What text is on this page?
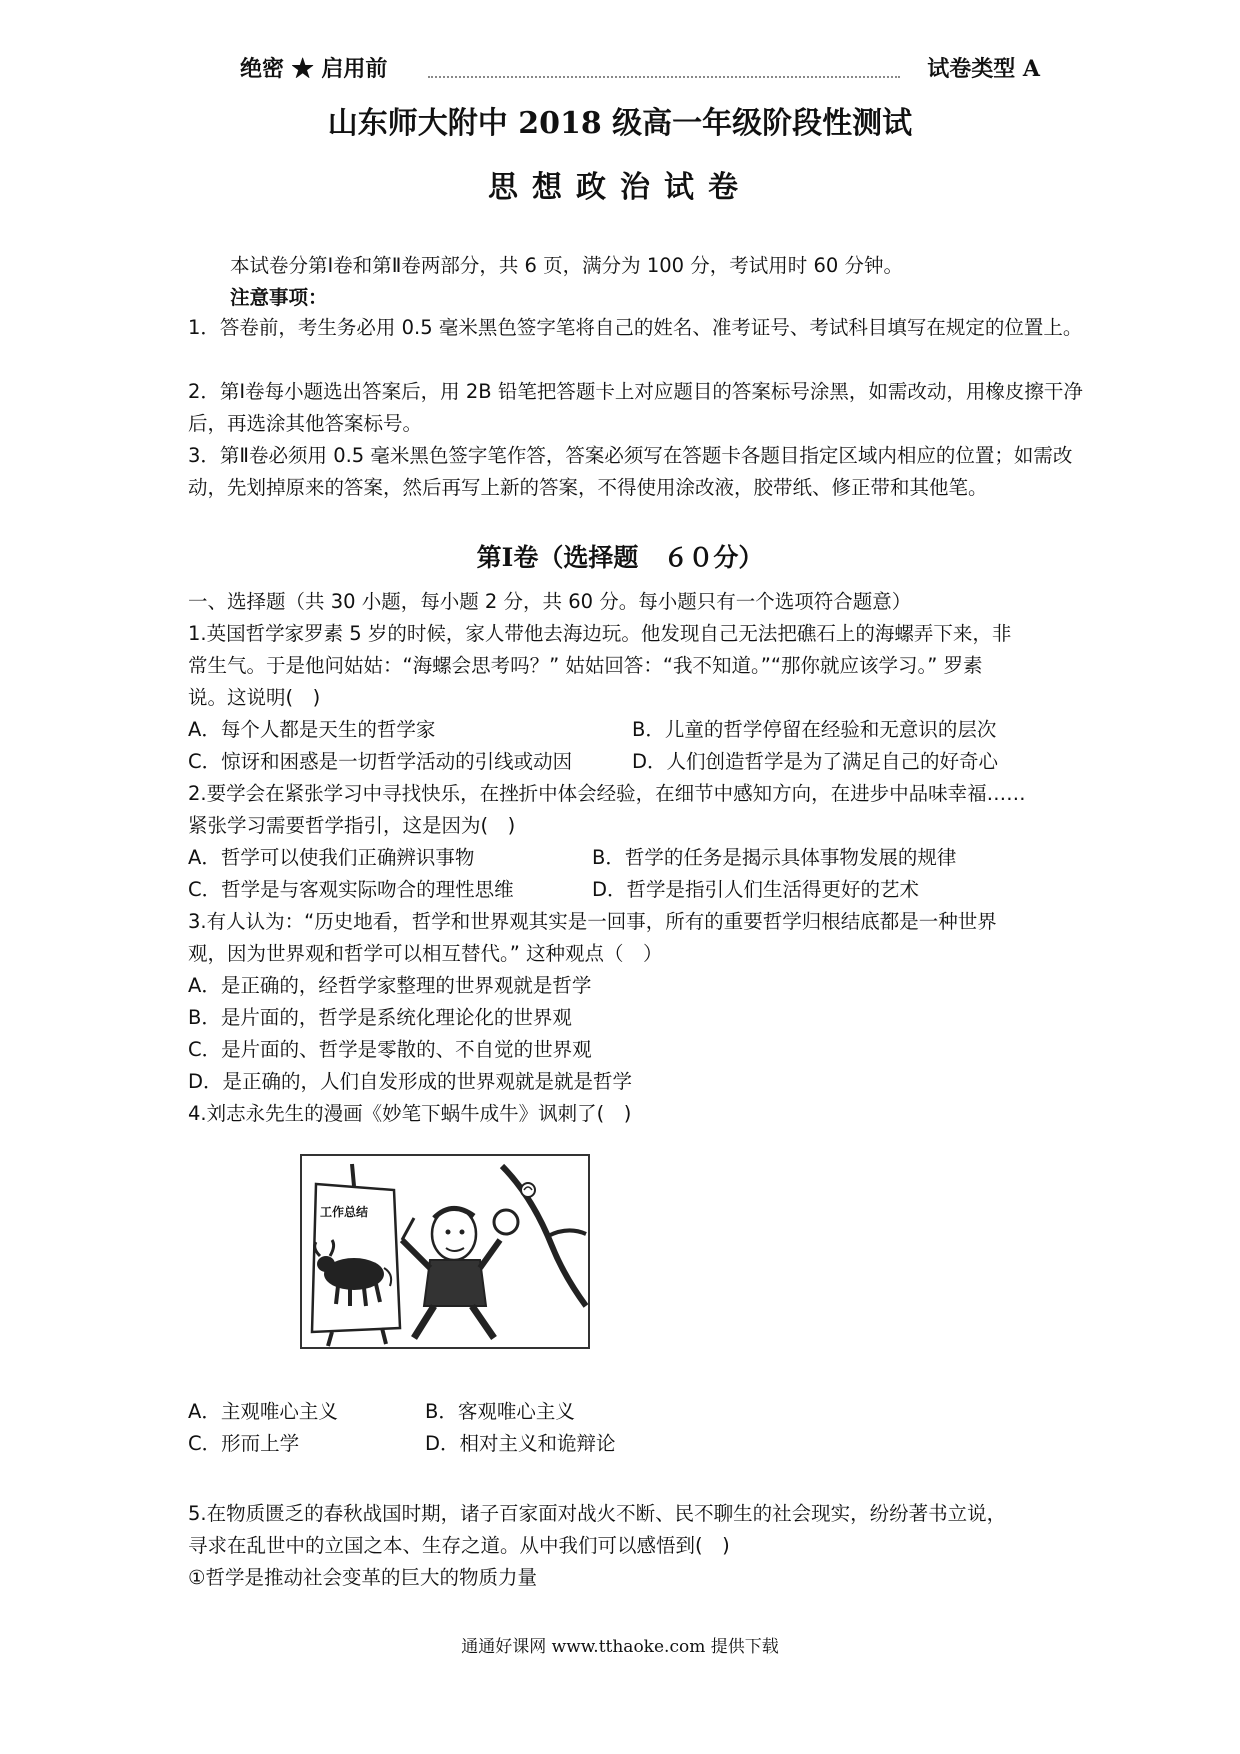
绝密 ★ 启用前	试卷类型 A
山东师大附中 2018 级高一年级阶段性测试
思想政治试卷
本试卷分第Ⅰ卷和第Ⅱ卷两部分，共 6 页，满分为 100 分，考试用时 60 分钟。
注意事项：
1．答卷前，考生务必用 0.5 毫米黑色签字笔将自己的姓名、准考证号、考试科目填写在规定的位置上。
2．第Ⅰ卷每小题选出答案后，用 2B 铅笔把答题卡上对应题目的答案标号涂黑，如需改动，用橡皮擦干净后，再选涂其他答案标号。
3．第Ⅱ卷必须用 0.5 毫米黑色签字笔作答，答案必须写在答题卡各题目指定区域内相应的位置；如需改动，先划掉原来的答案，然后再写上新的答案，不得使用涂改液，胶带纸、修正带和其他笔。
第Ⅰ卷（选择题　６０分）
一、选择题（共 30 小题，每小题 2 分，共 60 分。每小题只有一个选项符合题意）
1.英国哲学家罗素 5 岁的时候，家人带他去海边玩。他发现自己无法把礁石上的海螺弄下来，非
常生气。于是他问姑姑：“海螺会思考吗？” 姑姑回答：“我不知道。”“那你就应该学习。” 罗素
说。这说明(　)
A．每个人都是天生的哲学家	B．儿童的哲学停留在经验和无意识的层次
C．惊讶和困惑是一切哲学活动的引线或动因	D．人们创造哲学是为了满足自己的好奇心
2.要学会在紧张学习中寻找快乐，在挫折中体会经验，在细节中感知方向，在进步中品味幸福……
紧张学习需要哲学指引，这是因为(　)
A．哲学可以使我们正确辨识事物	B．哲学的任务是揭示具体事物发展的规律
C．哲学是与客观实际吻合的理性思维	D．哲学是指引人们生活得更好的艺术
3.有人认为：“历史地看，哲学和世界观其实是一回事，所有的重要哲学归根结底都是一种世界
观，因为世界观和哲学可以相互替代。” 这种观点（　）
A．是正确的，经哲学家整理的世界观就是哲学
B．是片面的，哲学是系统化理论化的世界观
C．是片面的、哲学是零散的、不自觉的世界观
D．是正确的，人们自发形成的世界观就是就是哲学
4.刘志永先生的漫画《妙笔下蜗牛成牛》讽刺了(　)
工作总结
A．主观唯心主义	B．客观唯心主义
C．形而上学	D．相对主义和诡辩论
5.在物质匮乏的春秋战国时期，诸子百家面对战火不断、民不聊生的社会现实，纷纷著书立说，
寻求在乱世中的立国之本、生存之道。从中我们可以感悟到(　)
①哲学是推动社会变革的巨大的物质力量
通通好课网 www.tthaoke.com 提供下载
